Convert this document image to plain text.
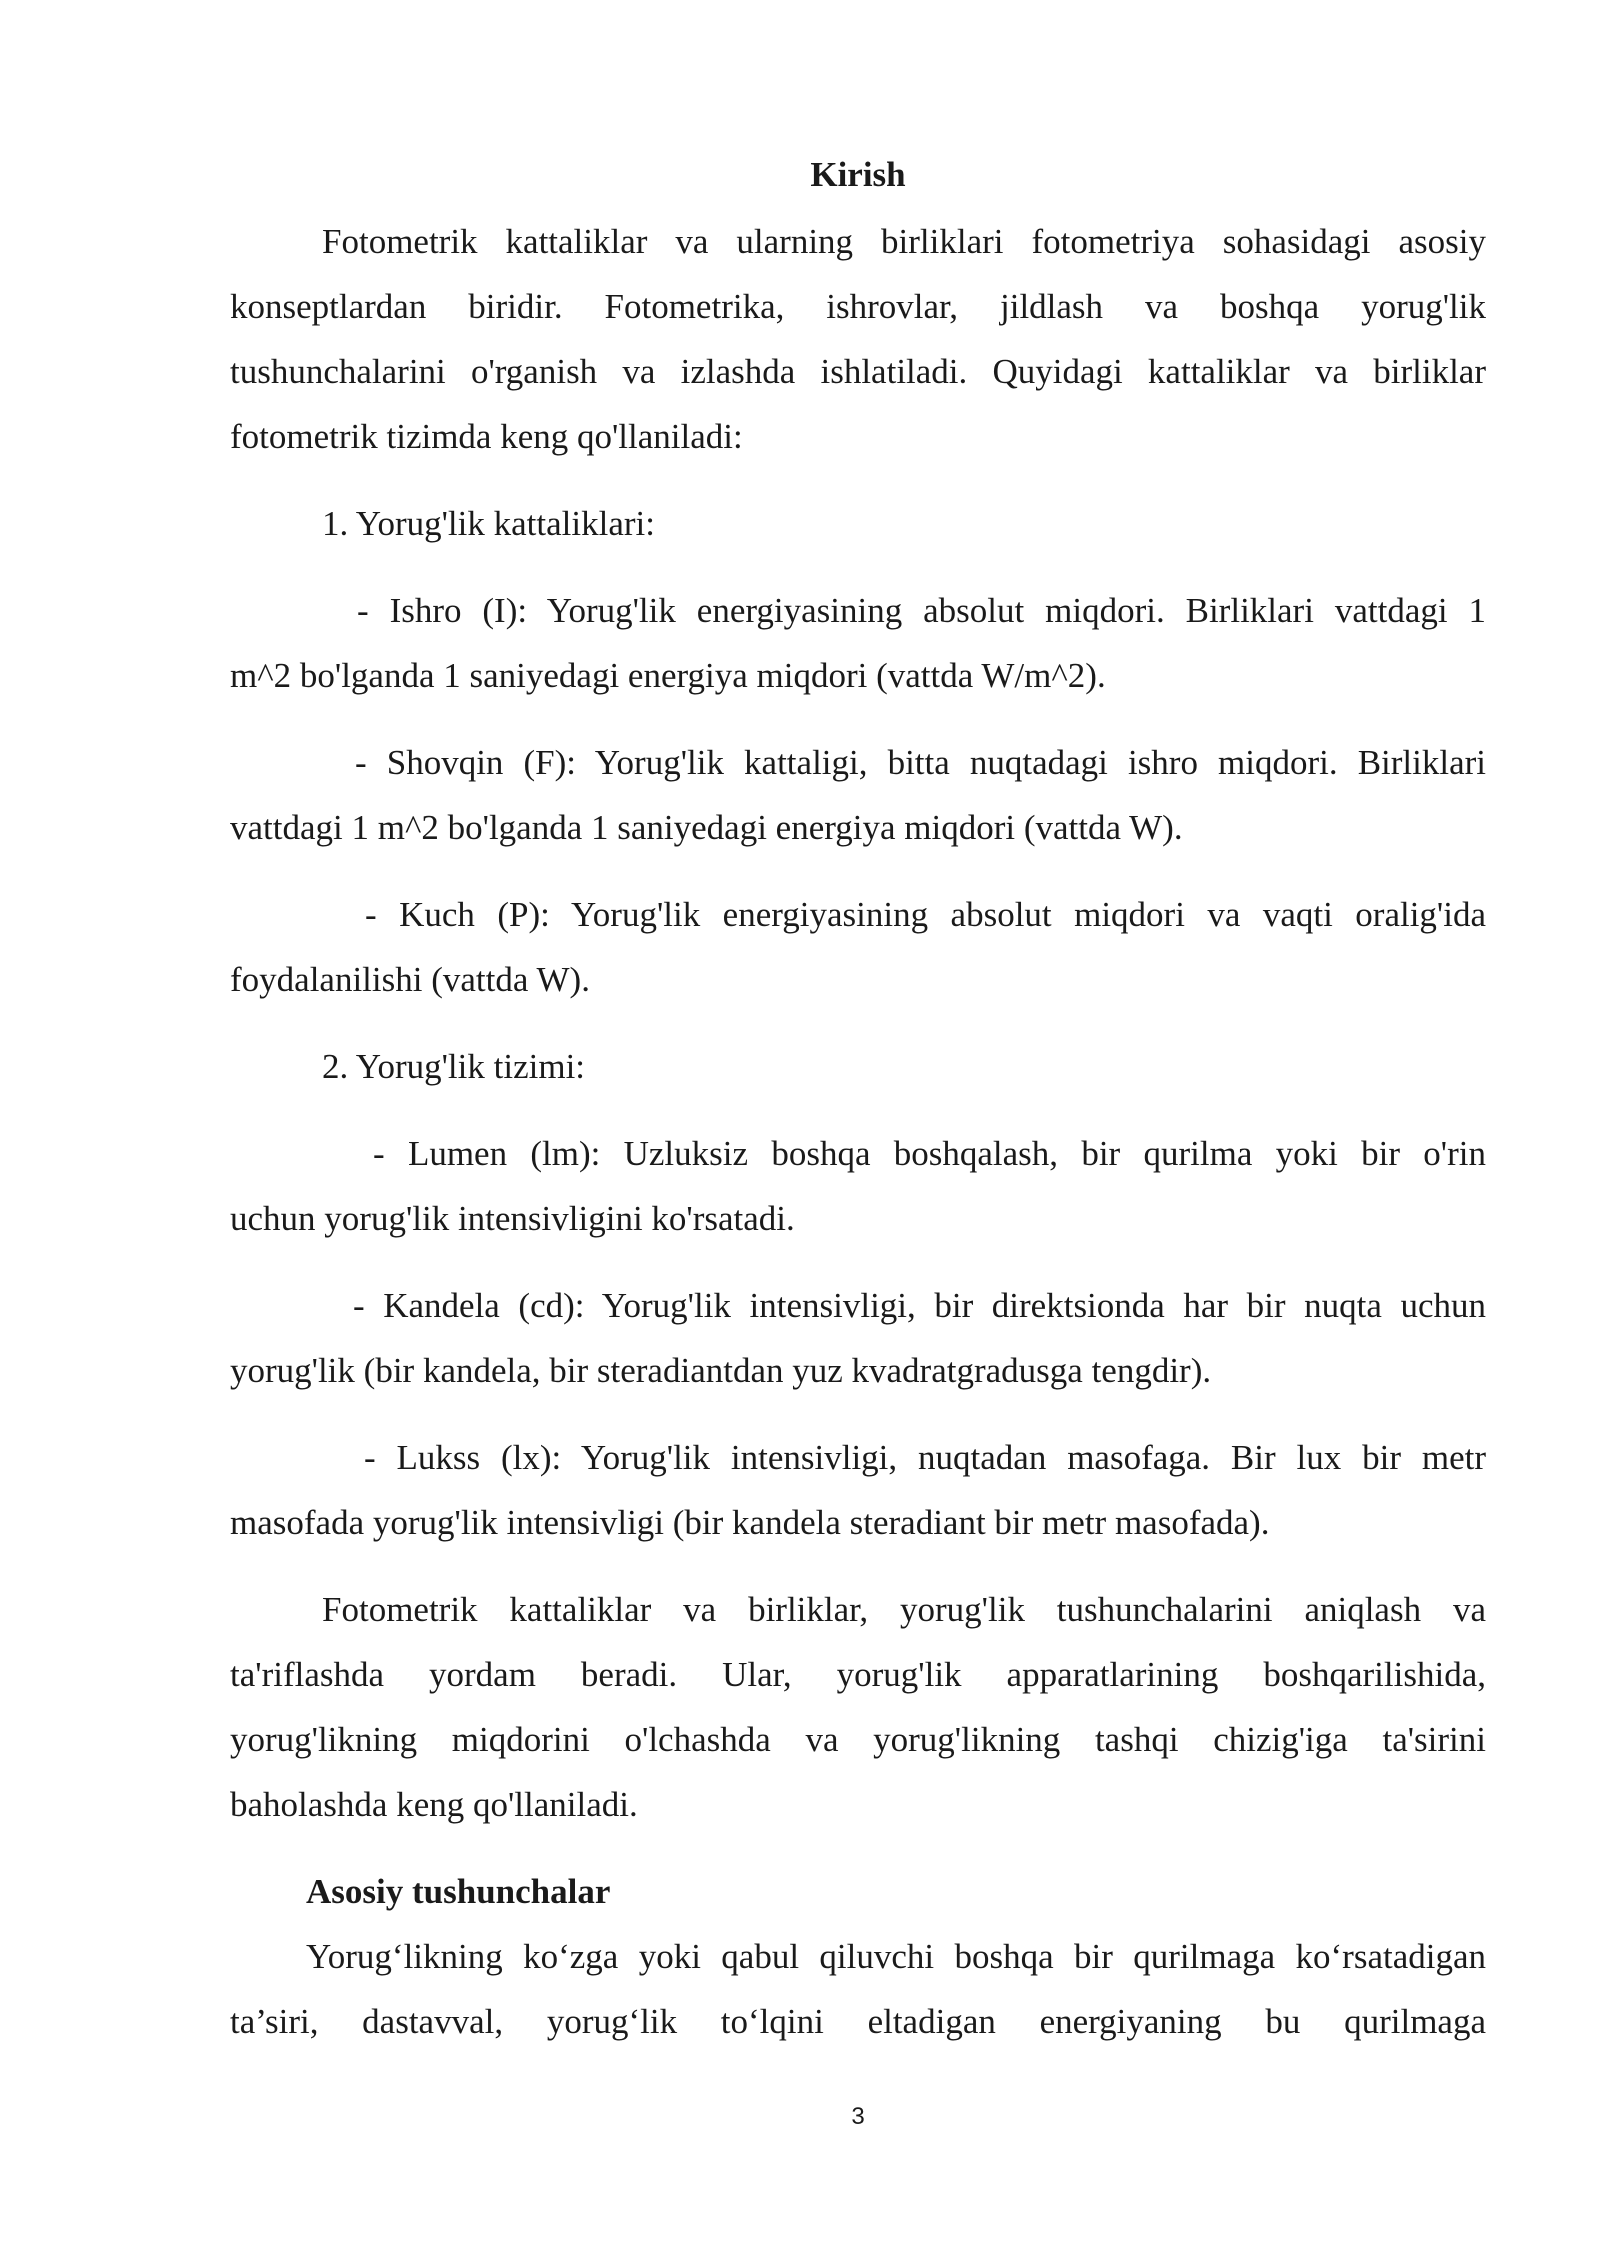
Kirish
Fotometrik kattaliklar va ularning birliklari fotometriya sohasidagi asosiy
konseptlardan biridir. Fotometrika, ishrovlar, jildlash va boshqa yorug'lik
tushunchalarini o'rganish va izlashda ishlatiladi. Quyidagi kattaliklar va birliklar
fotometrik tizimda keng qo'llaniladi:
1. Yorug'lik kattaliklari:
- Ishro (I): Yorug'lik energiyasining absolut miqdori. Birliklari vattdagi 1
m^2 bo'lganda 1 saniyedagi energiya miqdori (vattda W/m^2).
- Shovqin (F): Yorug'lik kattaligi, bitta nuqtadagi ishro miqdori. Birliklari
vattdagi 1 m^2 bo'lganda 1 saniyedagi energiya miqdori (vattda W).
- Kuch (P): Yorug'lik energiyasining absolut miqdori va vaqti oralig'ida
foydalanilishi (vattda W).
2. Yorug'lik tizimi:
- Lumen (lm): Uzluksiz boshqa boshqalash, bir qurilma yoki bir o'rin
uchun yorug'lik intensivligini ko'rsatadi.
- Kandela (cd): Yorug'lik intensivligi, bir direktsionda har bir nuqta uchun
yorug'lik (bir kandela, bir steradiantdan yuz kvadratgradusga tengdir).
- Lukss (lx): Yorug'lik intensivligi, nuqtadan masofaga. Bir lux bir metr
masofada yorug'lik intensivligi (bir kandela steradiant bir metr masofada).
Fotometrik kattaliklar va birliklar, yorug'lik tushunchalarini aniqlash va
ta'riflashda yordam beradi. Ular, yorug'lik apparatlarining boshqarilishida,
yorug'likning miqdorini o'lchashda va yorug'likning tashqi chizig'iga ta'sirini
baholashda keng qo'llaniladi.
Asosiy tushunchalar
Yorug‘likning ko‘zga yoki qabul qiluvchi boshqa bir qurilmaga ko‘rsatadigan
ta’siri, dastavval, yorug‘lik to‘lqini eltadigan energiyaning bu qurilmaga
3
